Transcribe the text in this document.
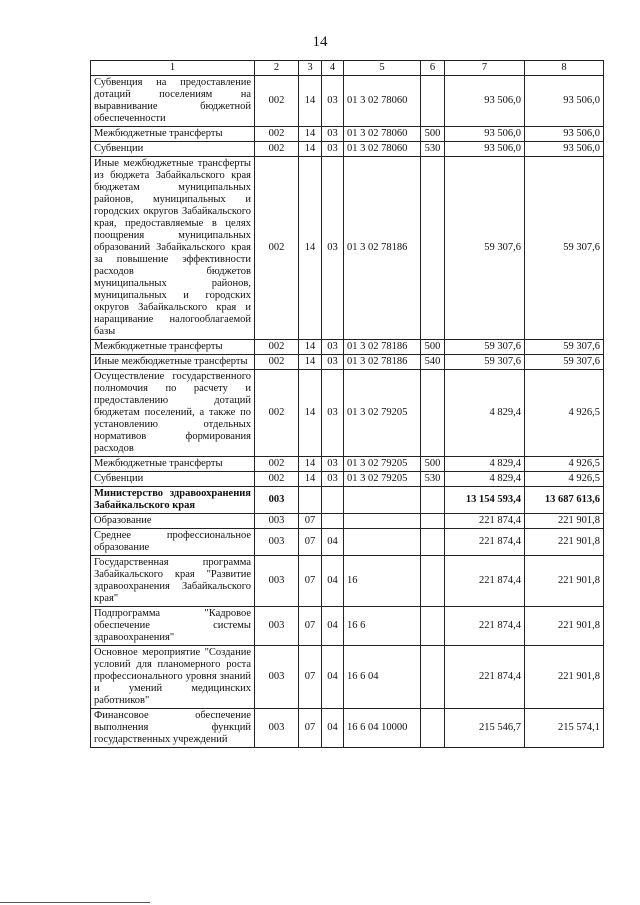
14
1	2	3	4	5	6	7	8
Субвенция на предоставление дотаций поселениям на выравнивание бюджетной обеспеченности	002	14	03	01 3 02 78060		93 506,0	93 506,0
Межбюджетные трансферты	002	14	03	01 3 02 78060	500	93 506,0	93 506,0
Субвенции	002	14	03	01 3 02 78060	530	93 506,0	93 506,0
Иные межбюджетные трансферты из бюджета Забайкальского края бюджетам муниципальных районов, муниципальных и городских округов Забайкальского края, предоставляемые в целях поощрения муниципальных образований Забайкальского края за повышение эффективности расходов бюджетов муниципальных районов, муниципальных и городских округов Забайкальского края и наращивание налогооблагаемой базы	002	14	03	01 3 02 78186		59 307,6	59 307,6
Межбюджетные трансферты	002	14	03	01 3 02 78186	500	59 307,6	59 307,6
Иные межбюджетные трансферты	002	14	03	01 3 02 78186	540	59 307,6	59 307,6
Осуществление государственного полномочия по расчету и предоставлению дотаций бюджетам поселений, а также по установлению отдельных нормативов формирования расходов	002	14	03	01 3 02 79205		4 829,4	4 926,5
Межбюджетные трансферты	002	14	03	01 3 02 79205	500	4 829,4	4 926,5
Субвенции	002	14	03	01 3 02 79205	530	4 829,4	4 926,5
Министерство здравоохранения Забайкальского края	003					13 154 593,4	13 687 613,6
Образование	003	07				221 874,4	221 901,8
Среднее профессиональное образование	003	07	04			221 874,4	221 901,8
Государственная программа Забайкальского края "Развитие здравоохранения Забайкальского края"	003	07	04	16		221 874,4	221 901,8
Подпрограмма "Кадровое обеспечение системы здравоохранения"	003	07	04	16 6		221 874,4	221 901,8
Основное мероприятие "Создание условий для планомерного роста профессионального уровня знаний и умений медицинских работников"	003	07	04	16 6 04		221 874,4	221 901,8
Финансовое обеспечение выполнения функций государственных учреждений	003	07	04	16 6 04 10000		215 546,7	215 574,1
